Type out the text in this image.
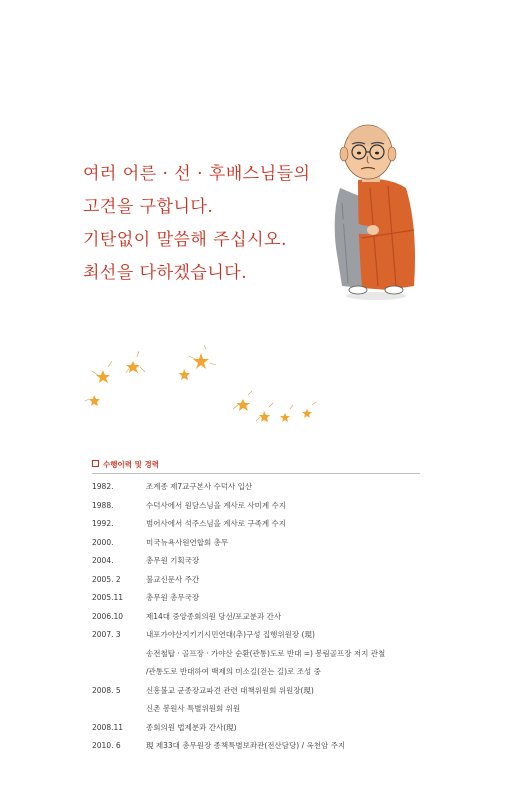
여러 어른 · 선 · 후배스님들의
고견을 구합니다.
기탄없이 말씀해 주십시오.
최선을 다하겠습니다.
수행이력 및 경력
1982.	조계종 제7교구본사 수덕사 입산
1988.	수덕사에서 원담스님을 계사로 사미계 수지
1992.	범어사에서 석주스님을 계사로 구족계 수지
2000.	미국뉴욕사원연합회 총무
2004.	총무원 기획국장
2005. 2	불교신문사 주간
2005.11	총무원 총무국장
2006.10	제14대 중앙종회의원 당선/포교분과 간사
2007. 3	내포가야산지키기시민연대(추)구성 집행위원장 (現)
송전철탑 · 골프장 · 가야산 순환(관통)도로 반대 =) 봉림골프장 저지 관철
/관통도로 반대하여 백제의 미소길(걷는 길)로 조성 중
2008. 5	신흥불교 군종장교파견 관련 대책위원회 위원장(現)
신촌 봉원사 특별위원회 위원
2008.11	종회의원 법제분과 간사(現)
2010. 6	現 제33대 총무원장 종책특별보좌관(전산담당) / 옥천암 주지
